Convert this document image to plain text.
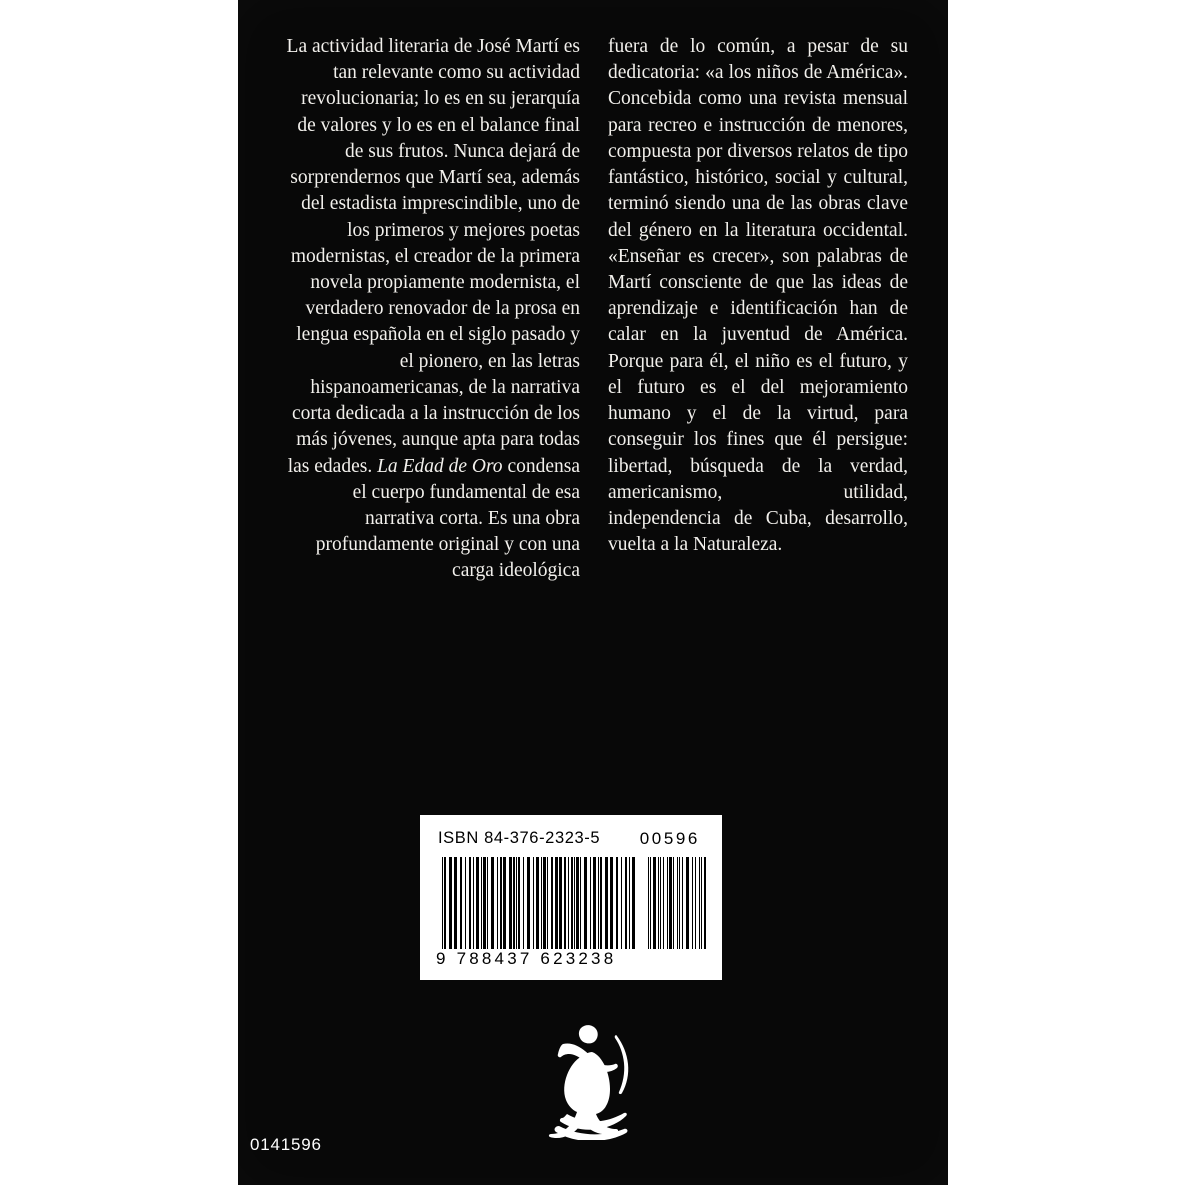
La actividad literaria de José Martí es tan relevante como su actividad revolucionaria; lo es en su jerarquía de valores y lo es en el balance final de sus frutos. Nunca dejará de sorprendernos que Martí sea, además del estadista imprescindible, uno de los primeros y mejores poetas modernistas, el creador de la primera novela propiamente modernista, el verdadero renovador de la prosa en lengua española en el siglo pasado y el pionero, en las letras hispanoamericanas, de la narrativa corta dedicada a la instrucción de los más jóvenes, aunque apta para todas las edades. La Edad de Oro condensa el cuerpo fundamental de esa narrativa corta. Es una obra profundamente original y con una carga ideológica

fuera de lo común, a pesar de su dedicatoria: «a los niños de América». Concebida como una revista mensual para recreo e instrucción de menores, compuesta por diversos relatos de tipo fantástico, histórico, social y cultural, terminó siendo una de las obras clave del género en la literatura occidental. «Enseñar es crecer», son palabras de Martí consciente de que las ideas de aprendizaje e identificación han de calar en la juventud de América. Porque para él, el niño es el futuro, y el futuro es el del mejoramiento humano y el de la virtud, para conseguir los fines que él persigue: libertad, búsqueda de la verdad, americanismo, utilidad, independencia de Cuba, desarrollo, vuelta a la Naturaleza.

ISBN 84-376-2323-5 00596
9 788437 623238
0141596
